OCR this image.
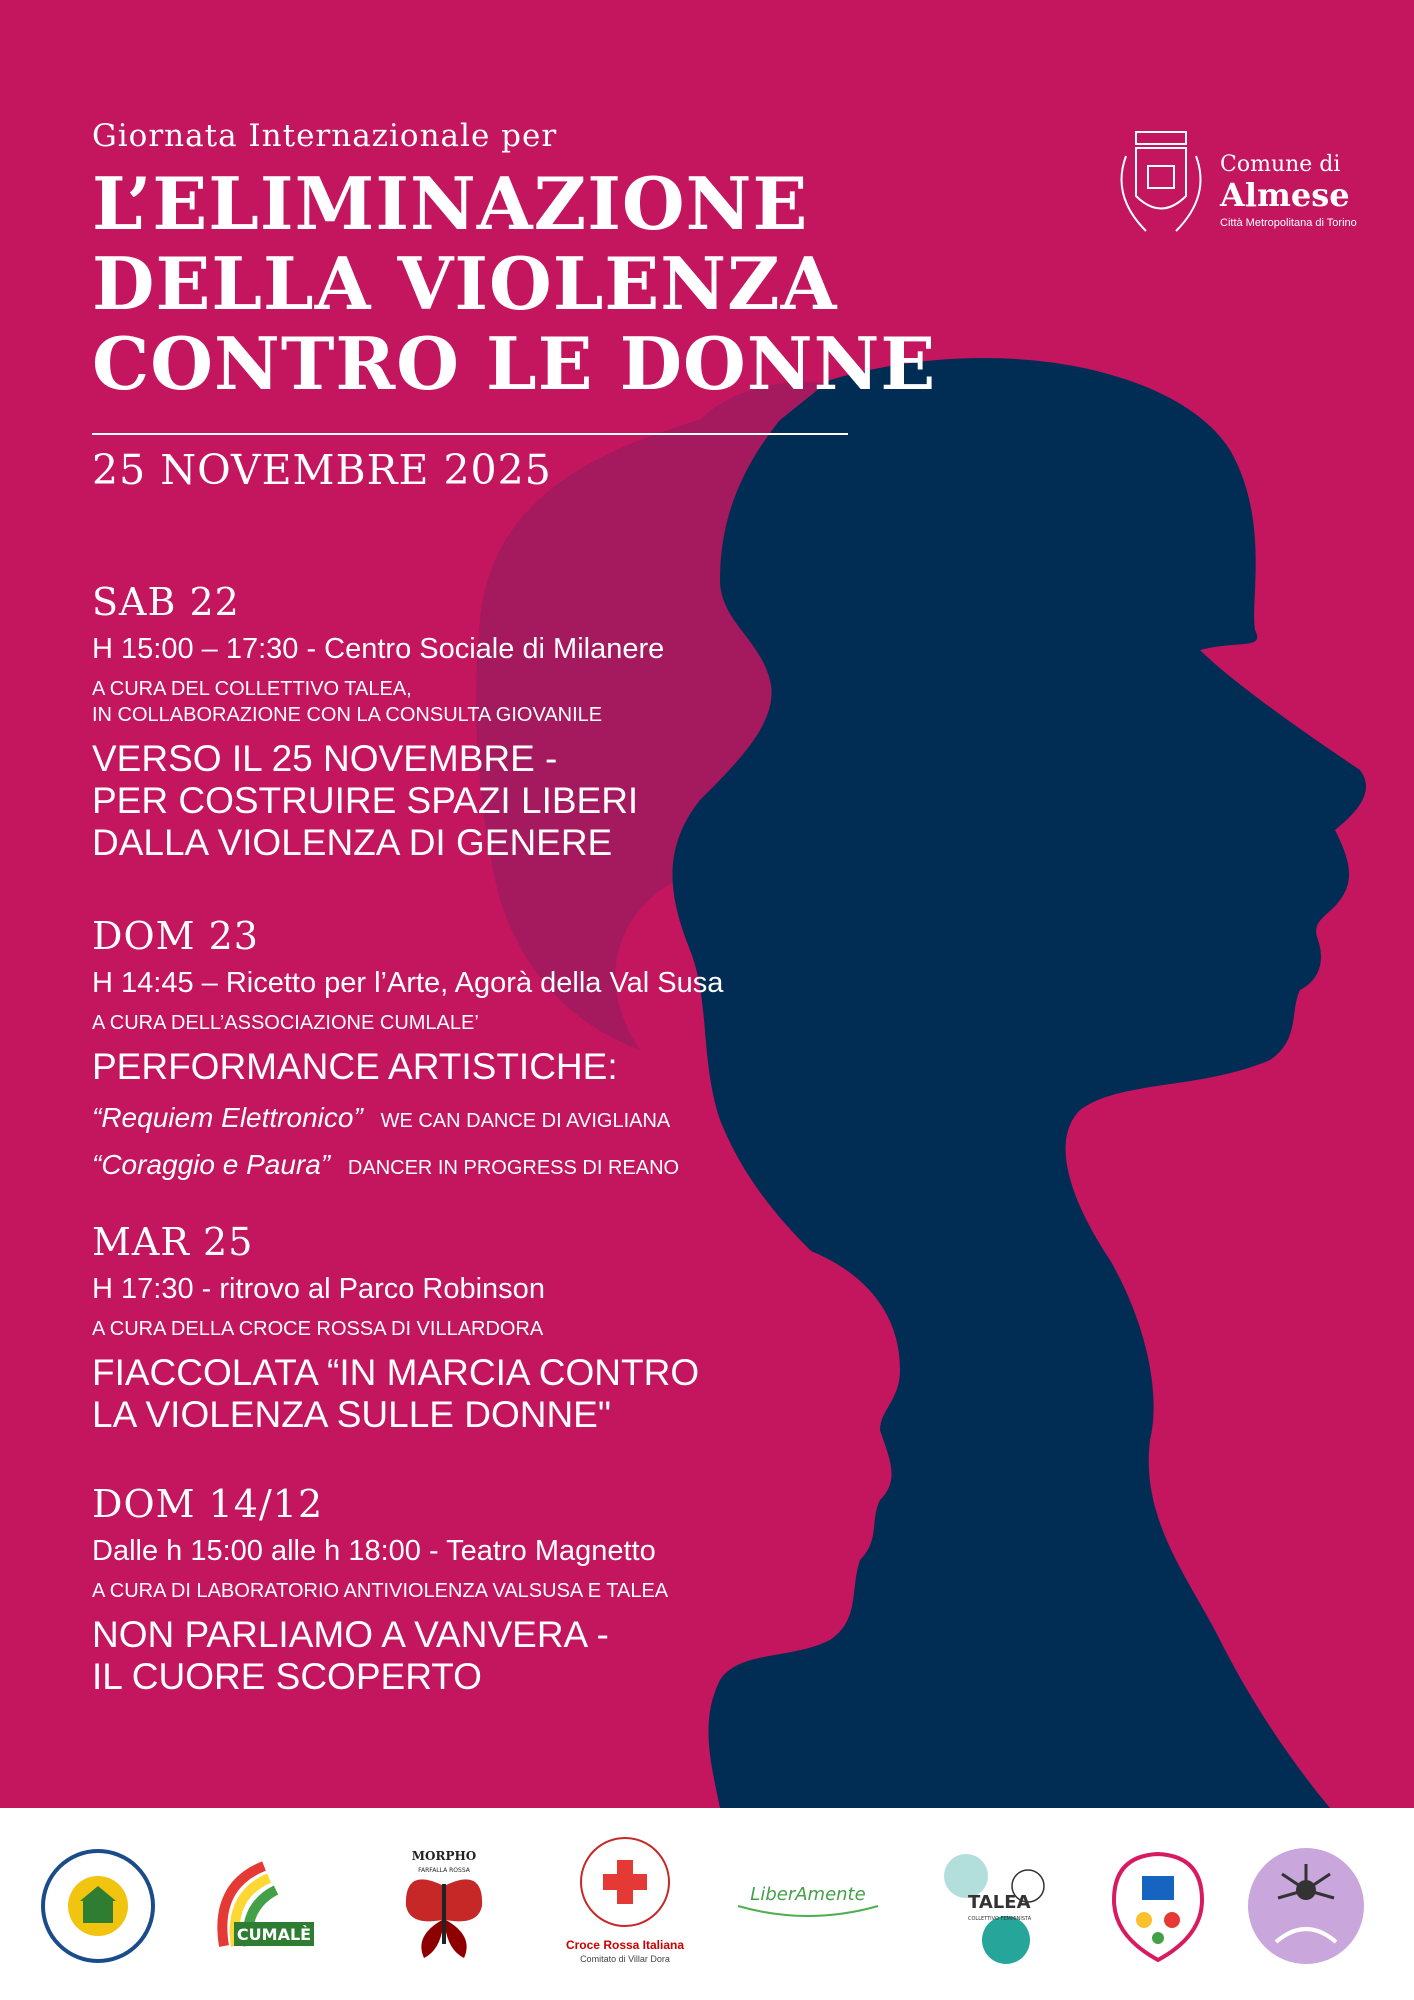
Giornata Internazionale per

L’ELIMINAZIONE
DELLA VIOLENZA
CONTRO LE DONNE
25 NOVEMBRE 2025
Comune di
Almese
Città Metropolitana di Torino

SAB 22

H 15:00 – 17:30 - Centro Sociale di Milanere

A CURA DEL COLLETTIVO TALEA,
IN COLLABORAZIONE CON LA CONSULTA GIOVANILE

VERSO IL 25 NOVEMBRE -
PER COSTRUIRE SPAZI LIBERI
DALLA VIOLENZA DI GENERE

DOM 23

H 14:45 – Ricetto per l’Arte, Agorà della Val Susa

A CURA DELL’ASSOCIAZIONE CUMLALE’

PERFORMANCE ARTISTICHE:

“Requiem Elettronico” WE CAN DANCE DI AVIGLIANA
“Coraggio e Paura” DANCER IN PROGRESS DI REANO

MAR 25

H 17:30 - ritrovo al Parco Robinson

A CURA DELLA CROCE ROSSA DI VILLARDORA

FIACCOLATA “IN MARCIA CONTRO
LA VIOLENZA SULLE DONNE"

DOM 14/12

Dalle h 15:00 alle h 18:00 - Teatro Magnetto

A CURA DI LABORATORIO ANTIVIOLENZA VALSUSA E TALEA

NON PARLIAMO A VANVERA -
IL CUORE SCOPERTO

CUMALÈ
MORPHO
FARFALLA ROSSA
Croce Rossa Italiana
Comitato di Villar Dora
LiberAmente	TALEA
COLLETTIVO FEMMINISTA
